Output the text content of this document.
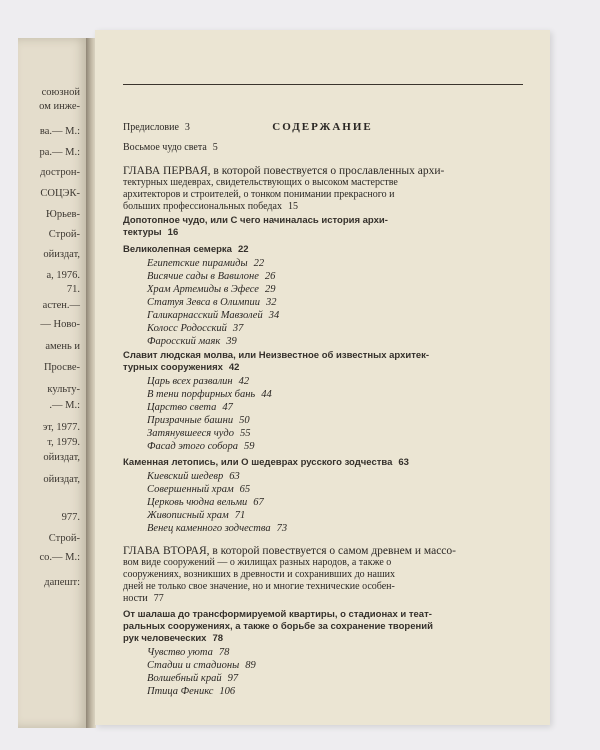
союзной
ом инже-
ва.— М.:
ра.— М.:
дострон-
СОЦЭК-
Юрьев-
Строй-
ойиздат,
а, 1976.
71.
астен.—
— Ново-
амень и
Просве-
культу-
.— М.:
эт, 1977.
т, 1979.
ойиздат,
ойиздат,
977.
Строй-
со.— М.:
дапешт:
СОДЕРЖАНИЕ
Предисловие 3
Восьмое чудо света 5
ГЛАВА ПЕРВАЯ, в которой повествуется о прославленных архи-
тектурных шедеврах, свидетельствующих о высоком мастерстве
архитекторов и строителей, о тонком понимании прекрасного и
больших профессиональных победах 15
Допотопное чудо, или С чего начиналась история архи-
тектуры 16
Великолепная семерка 22
Египетские пирамиды 22
Висячие сады в Вавилоне 26
Храм Артемиды в Эфесе 29
Статуя Зевса в Олимпии 32
Галикарнасский Мавзолей 34
Колосс Родосский 37
Фаросский маяк 39
Славит людская молва, или Неизвестное об известных архитек-
турных сооружениях 42
Царь всех развалин 42
В тени порфирных бань 44
Царство света 47
Призрачные башни 50
Затянувшееся чудо 55
Фасад этого собора 59
Каменная летопись, или О шедеврах русского зодчества 63
Киевский шедевр 63
Совершенный храм 65
Церковь чюдна вельми 67
Живописный храм 71
Венец каменного зодчества 73
ГЛАВА ВТОРАЯ, в которой повествуется о самом древнем и массо-
вом виде сооружений — о жилищах разных народов, а также о
сооружениях, возникших в древности и сохранивших до наших
дней не только свое значение, но и многие технические особен-
ности 77
От шалаша до трансформируемой квартиры, о стадионах и теат-
ральных сооружениях, а также о борьбе за сохранение творений
рук человеческих 78
Чувство уюта 78
Стадии и стадионы 89
Волшебный край 97
Птица Феникс 106
